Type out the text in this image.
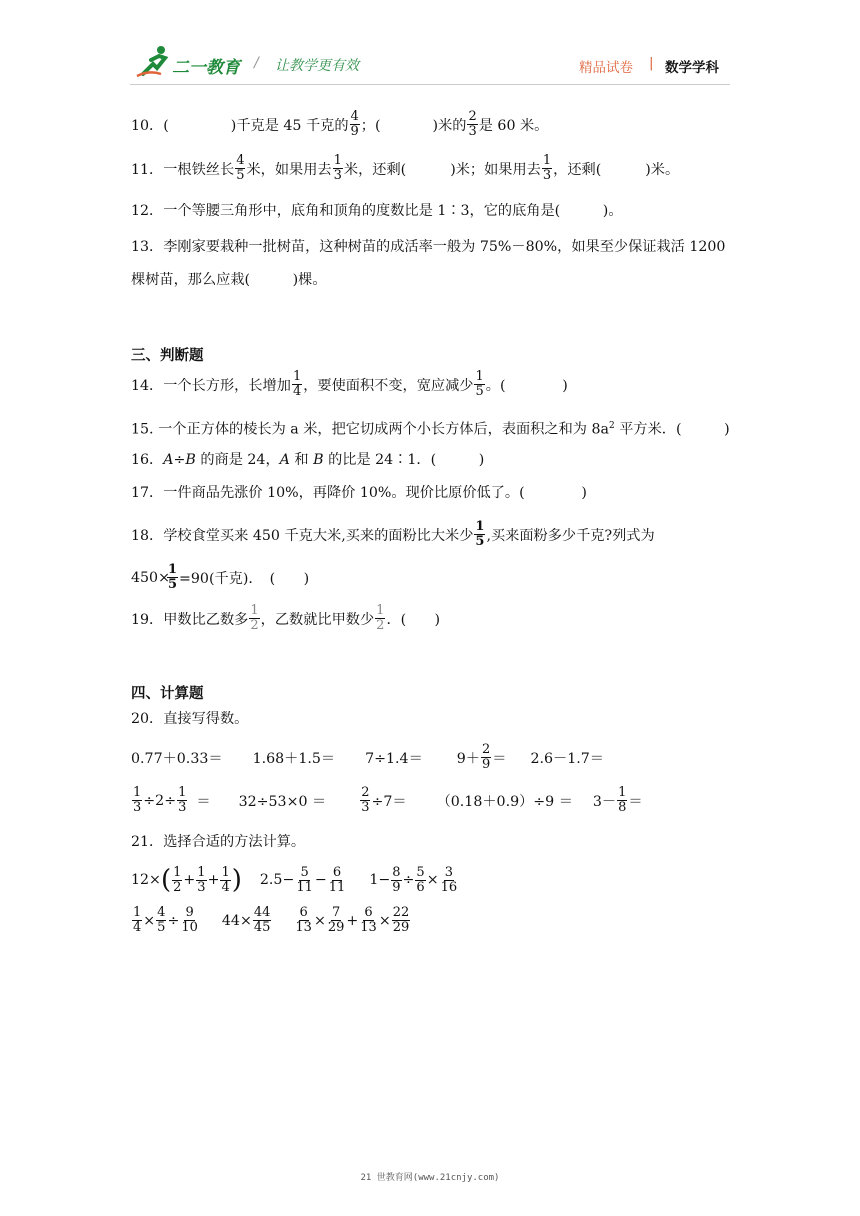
二一教育 / 让教学更有效	精品试卷 | 数学学科
10．(	)千克是 45 千克的 $\frac{4}{9}$ ；(	)米的 $\frac{2}{3}$ 是 60 米。
11．一根铁丝长 $\frac{4}{5}$ 米，如果用去 $\frac{1}{3}$ 米，还剩(	)米；如果用去 $\frac{1}{3}$ ，还剩(	)米。
12．一个等腰三角形中，底角和顶角的度数比是 1∶3，它的底角是(　　　)。
13．李刚家要栽种一批树苗，这种树苗的成活率一般为 75%－80%，如果至少保证栽活 1200
棵树苗，那么应栽(　　　)棵。
三、判断题
14．一个长方形，长增加 $\frac{1}{4}$ ，要使面积不变，宽应减少 $\frac{1}{5}$ 。(　　　　)
15. 一个正方体的棱长为 a 米，把它切成两个小长方体后，表面积之和为 $8a^2$ 平方米．(　　　)
16．A÷B 的商是 24，A 和 B 的比是 24∶1．(　　　)
17．一件商品先涨价 10%，再降价 10%。现价比原价低了。(　　　　)
18．学校食堂买来 450 千克大米,买来的面粉比大米少 $\frac{1}{5}$ ,买来面粉多少千克?列式为
450×
$\frac{1}{5} =90$(千克)．　(　　)
19．甲数比乙数多 $\frac{1}{2}$ ，乙数就比甲数少 $\frac{1}{2}$ ．(　　)
四、计算题
20．直接写得数。
$0.77+0.33= 1.68+1.5= 7\div 1.4= 9+ \frac{2}{9} = 2.6-1.7=$
$\frac{1}{3} \div 2\div \frac{1}{3} = 32\div 53\times 0$ ＝	$\frac{2}{3} \div 7= (0.18+0.9)\div 9 = 3- \frac{1}{8}$ ＝
21．选择合适的方法计算。
12× ( $\frac{1}{2} + \frac{1}{3} + \frac{1}{4}$ ) $2.5- \frac{5}{11} - \frac{6}{11} 1- \frac{8}{9} \div \frac{5}{6} \times \frac{3}{16}$
$\frac{1}{4} \times \frac{4}{5} \div \frac{9}{10} 44\times \frac{44}{45} \frac{6}{13} \times \frac{7}{29} + \frac{6}{13} \times \frac{22}{29}$
21 世教育网(www.21cnjy.com)
